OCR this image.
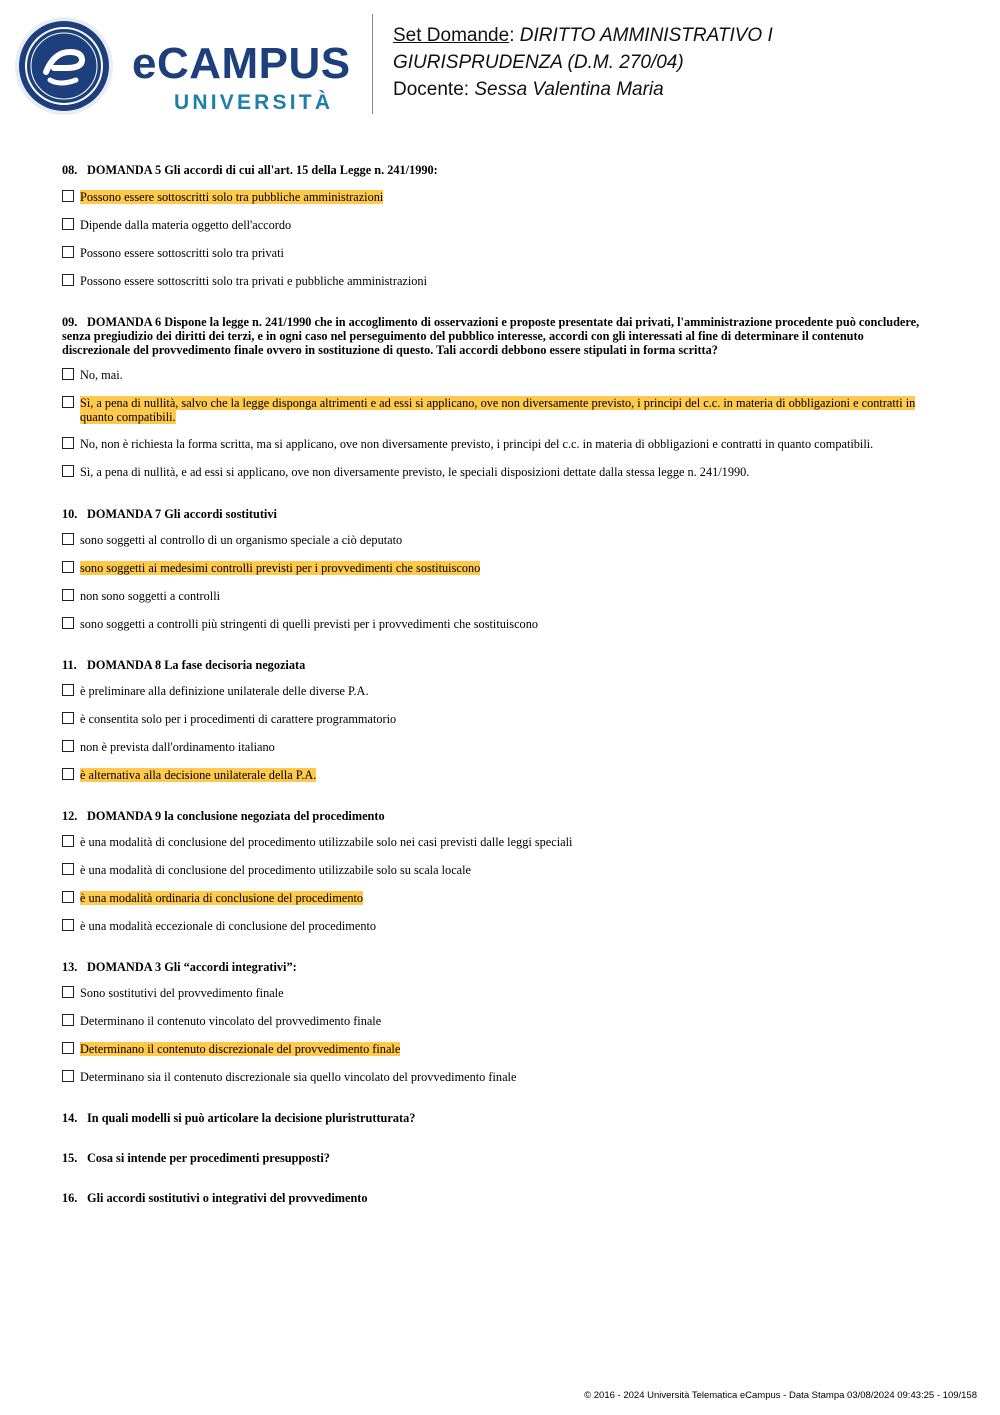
eCAMPUS
UNIVERSITÀ
Set Domande: DIRITTO AMMINISTRATIVO I
GIURISPRUDENZA (D.M. 270/04)
Docente: Sessa Valentina Maria

08. DOMANDA 5 Gli accordi di cui all'art. 15 della Legge n. 241/1990:

Possono essere sottoscritti solo tra pubbliche amministrazioni
Dipende dalla materia oggetto dell'accordo
Possono essere sottoscritti solo tra privati
Possono essere sottoscritti solo tra privati e pubbliche amministrazioni

09. DOMANDA 6 Dispone la legge n. 241/1990 che in accoglimento di osservazioni e proposte presentate dai privati, l'amministrazione procedente può concludere, senza pregiudizio dei diritti dei terzi, e in ogni caso nel perseguimento del pubblico interesse, accordi con gli interessati al fine di determinare il contenuto discrezionale del provvedimento finale ovvero in sostituzione di questo. Tali accordi debbono essere stipulati in forma scritta?

No, mai.
Sì, a pena di nullità, salvo che la legge disponga altrimenti e ad essi si applicano, ove non diversamente previsto, i principi del c.c. in materia di obbligazioni e contratti in quanto compatibili.
No, non è richiesta la forma scritta, ma si applicano, ove non diversamente previsto, i principi del c.c. in materia di obbligazioni e contratti in quanto compatibili.
Sì, a pena di nullità, e ad essi si applicano, ove non diversamente previsto, le speciali disposizioni dettate dalla stessa legge n. 241/1990.

10. DOMANDA 7 Gli accordi sostitutivi

sono soggetti al controllo di un organismo speciale a ciò deputato
sono soggetti ai medesimi controlli previsti per i provvedimenti che sostituiscono
non sono soggetti a controlli
sono soggetti a controlli più stringenti di quelli previsti per i provvedimenti che sostituiscono

11. DOMANDA 8 La fase decisoria negoziata

è preliminare alla definizione unilaterale delle diverse P.A.
è consentita solo per i procedimenti di carattere programmatorio
non è prevista dall'ordinamento italiano
è alternativa alla decisione unilaterale della P.A.

12. DOMANDA 9 la conclusione negoziata del procedimento

è una modalità di conclusione del procedimento utilizzabile solo nei casi previsti dalle leggi speciali
è una modalità di conclusione del procedimento utilizzabile solo su scala locale
è una modalità ordinaria di conclusione del procedimento
è una modalità eccezionale di conclusione del procedimento

13. DOMANDA 3 Gli “accordi integrativi”:

Sono sostitutivi del provvedimento finale
Determinano il contenuto vincolato del provvedimento finale
Determinano il contenuto discrezionale del provvedimento finale
Determinano sia il contenuto discrezionale sia quello vincolato del provvedimento finale

14. In quali modelli si può articolare la decisione pluristrutturata?

15. Cosa si intende per procedimenti presupposti?

16. Gli accordi sostitutivi o integrativi del provvedimento

© 2016 - 2024 Università Telematica eCampus - Data Stampa 03/08/2024 09:43:25 - 109/158
